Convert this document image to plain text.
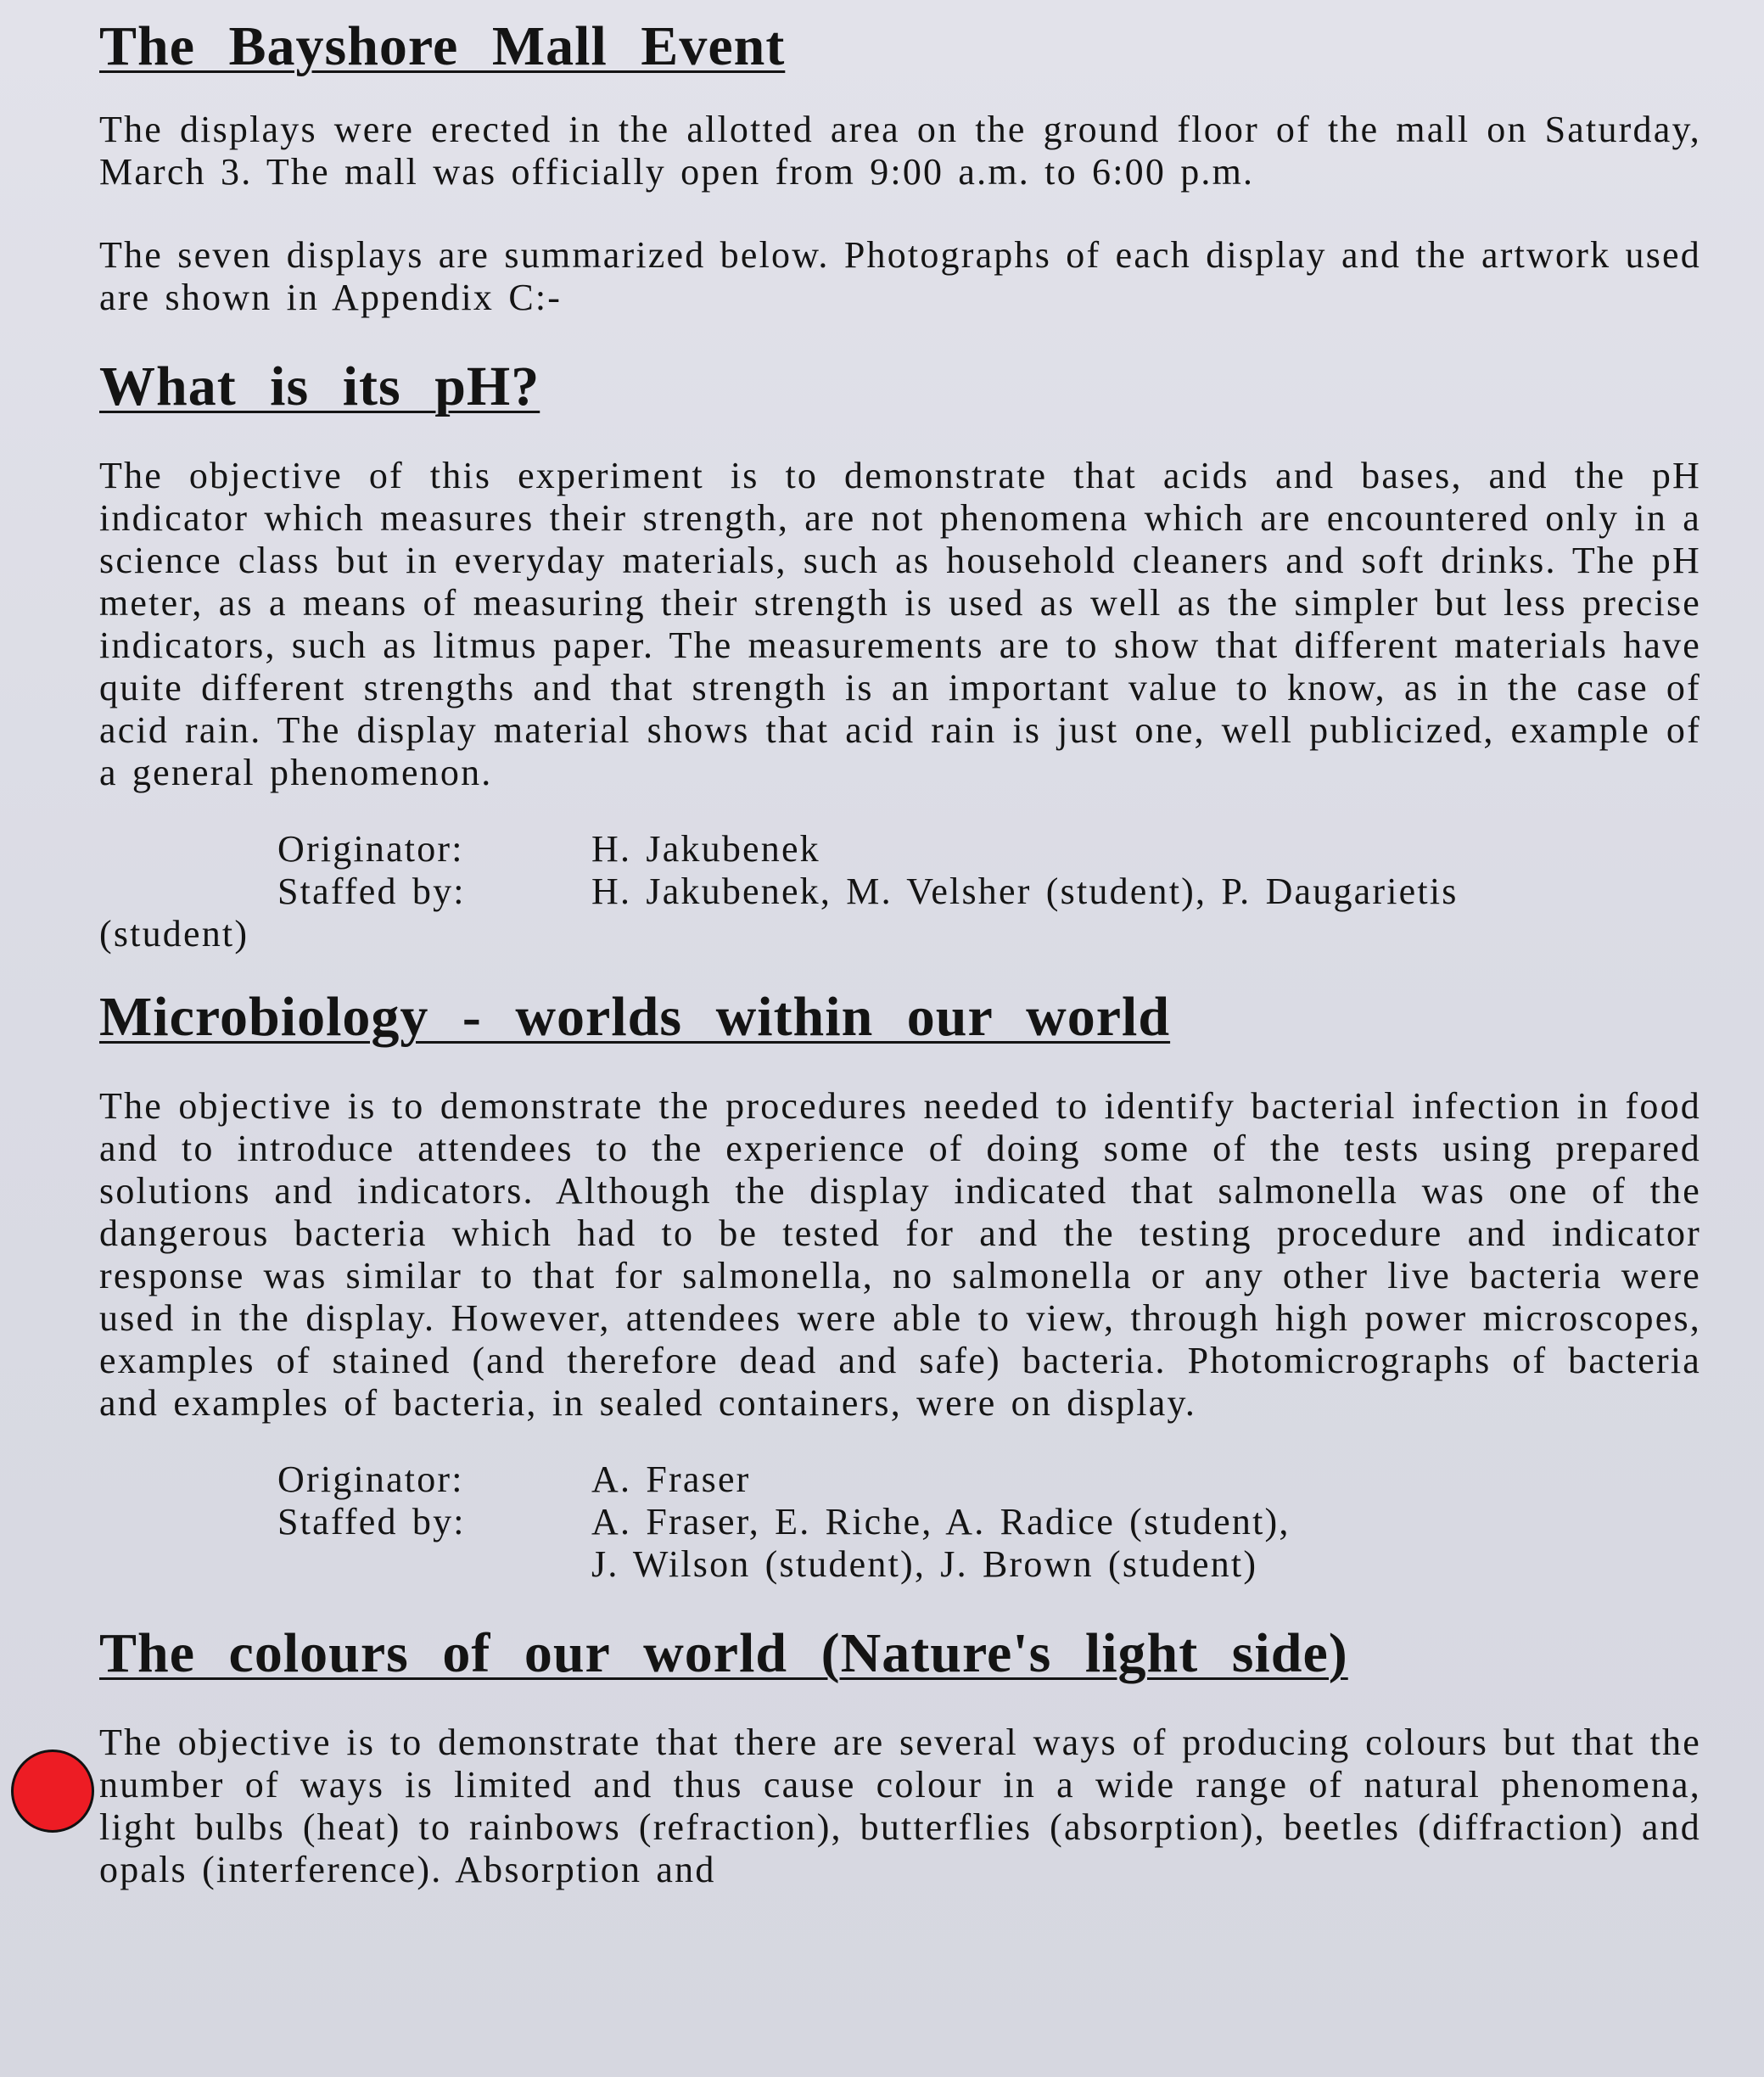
The Bayshore Mall Event

The displays were erected in the allotted area on the ground floor of the mall on Saturday, March 3. The mall was officially open from 9:00 a.m. to 6:00 p.m.

The seven displays are summarized below. Photographs of each display and the artwork used are shown in Appendix C:-

What is its pH?

The objective of this experiment is to demonstrate that acids and bases, and the pH indicator which measures their strength, are not phenomena which are encountered only in a science class but in everyday materials, such as household cleaners and soft drinks. The pH meter, as a means of measuring their strength is used as well as the simpler but less precise indicators, such as litmus paper. The measurements are to show that different materials have quite different strengths and that strength is an important value to know, as in the case of acid rain. The display material shows that acid rain is just one, well publicized, example of a general phenomenon.

Originator:	H. Jakubenek
Staffed by:	H. Jakubenek, M. Velsher (student), P. Daugarietis

(student)

Microbiology - worlds within our world

The objective is to demonstrate the procedures needed to identify bacterial infection in food and to introduce attendees to the experience of doing some of the tests using prepared solutions and indicators. Although the display indicated that salmonella was one of the dangerous bacteria which had to be tested for and the testing procedure and indicator response was similar to that for salmonella, no salmonella or any other live bacteria were used in the display. However, attendees were able to view, through high power microscopes, examples of stained (and therefore dead and safe) bacteria. Photomicrographs of bacteria and examples of bacteria, in sealed containers, were on display.

Originator:	A. Fraser
Staffed by:	A. Fraser, E. Riche, A. Radice (student),
J. Wilson (student), J. Brown (student)
The colours of our world (Nature's light side)

The objective is to demonstrate that there are several ways of producing colours but that the number of ways is limited and thus cause colour in a wide range of natural phenomena, light bulbs (heat) to rainbows (refraction), butterflies (absorption), beetles (diffraction) and opals (interference). Absorption and
